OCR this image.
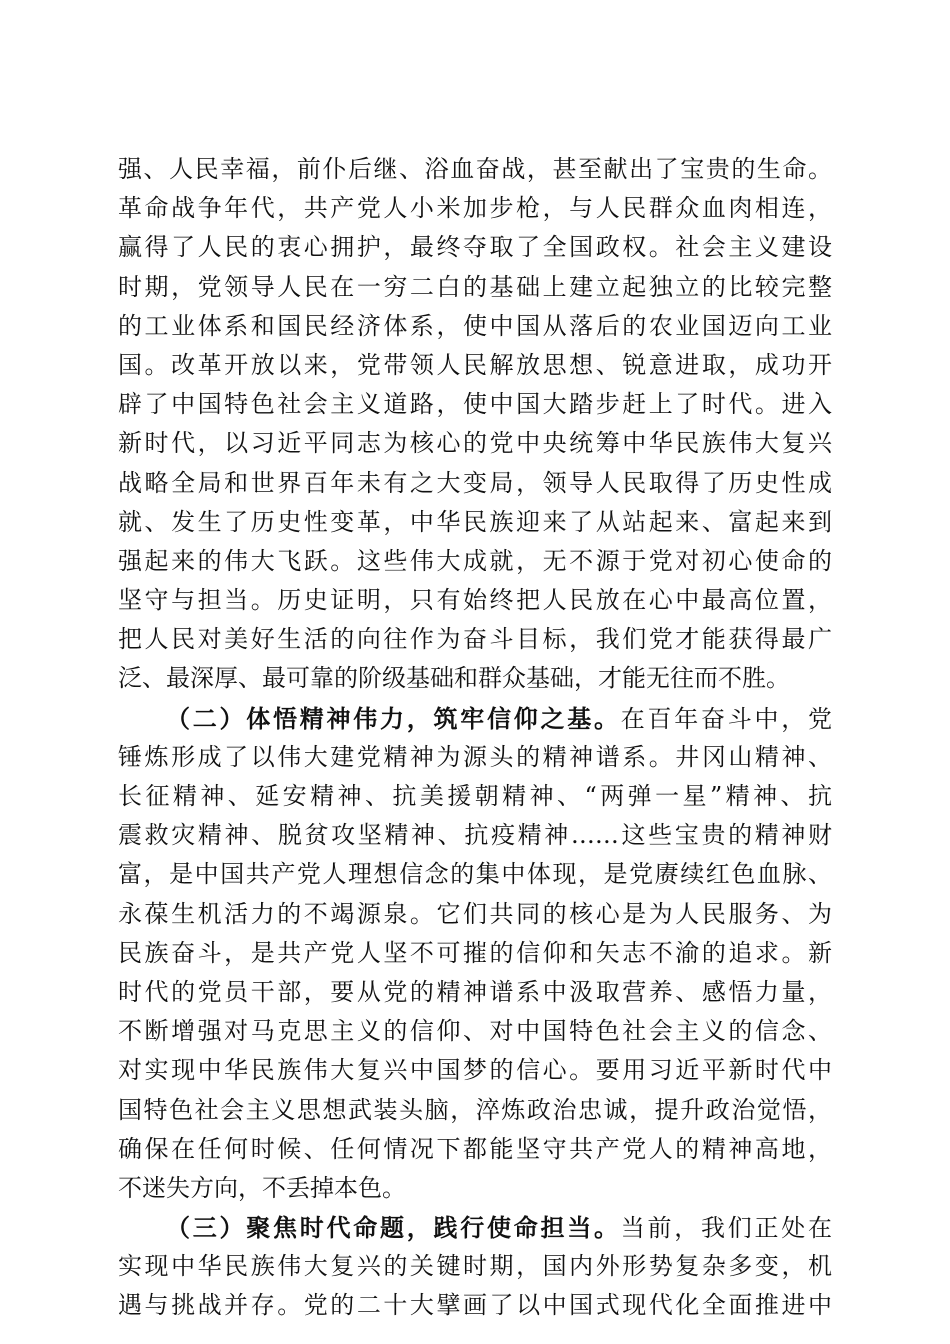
强、人民幸福，前仆后继、浴血奋战，甚至献出了宝贵的生命。
革命战争年代，共产党人小米加步枪，与人民群众血肉相连，
赢得了人民的衷心拥护，最终夺取了全国政权。社会主义建设
时期，党领导人民在一穷二白的基础上建立起独立的比较完整
的工业体系和国民经济体系，使中国从落后的农业国迈向工业
国。改革开放以来，党带领人民解放思想、锐意进取，成功开
辟了中国特色社会主义道路，使中国大踏步赶上了时代。进入
新时代，以习近平同志为核心的党中央统筹中华民族伟大复兴
战略全局和世界百年未有之大变局，领导人民取得了历史性成
就、发生了历史性变革，中华民族迎来了从站起来、富起来到
强起来的伟大飞跃。这些伟大成就，无不源于党对初心使命的
坚守与担当。历史证明，只有始终把人民放在心中最高位置，
把人民对美好生活的向往作为奋斗目标，我们党才能获得最广
泛、最深厚、最可靠的阶级基础和群众基础，才能无往而不胜。
（二）体悟精神伟力，筑牢信仰之基。在百年奋斗中，党
锤炼形成了以伟大建党精神为源头的精神谱系。井冈山精神、
长征精神、延安精神、抗美援朝精神、“两弹一星”精神、抗
震救灾精神、脱贫攻坚精神、抗疫精神……这些宝贵的精神财
富，是中国共产党人理想信念的集中体现，是党赓续红色血脉、
永葆生机活力的不竭源泉。它们共同的核心是为人民服务、为
民族奋斗，是共产党人坚不可摧的信仰和矢志不渝的追求。新
时代的党员干部，要从党的精神谱系中汲取营养、感悟力量，
不断增强对马克思主义的信仰、对中国特色社会主义的信念、
对实现中华民族伟大复兴中国梦的信心。要用习近平新时代中
国特色社会主义思想武装头脑，淬炼政治忠诚，提升政治觉悟，
确保在任何时候、任何情况下都能坚守共产党人的精神高地，
不迷失方向，不丢掉本色。
（三）聚焦时代命题，践行使命担当。当前，我们正处在
实现中华民族伟大复兴的关键时期，国内外形势复杂多变，机
遇与挑战并存。党的二十大擘画了以中国式现代化全面推进中
